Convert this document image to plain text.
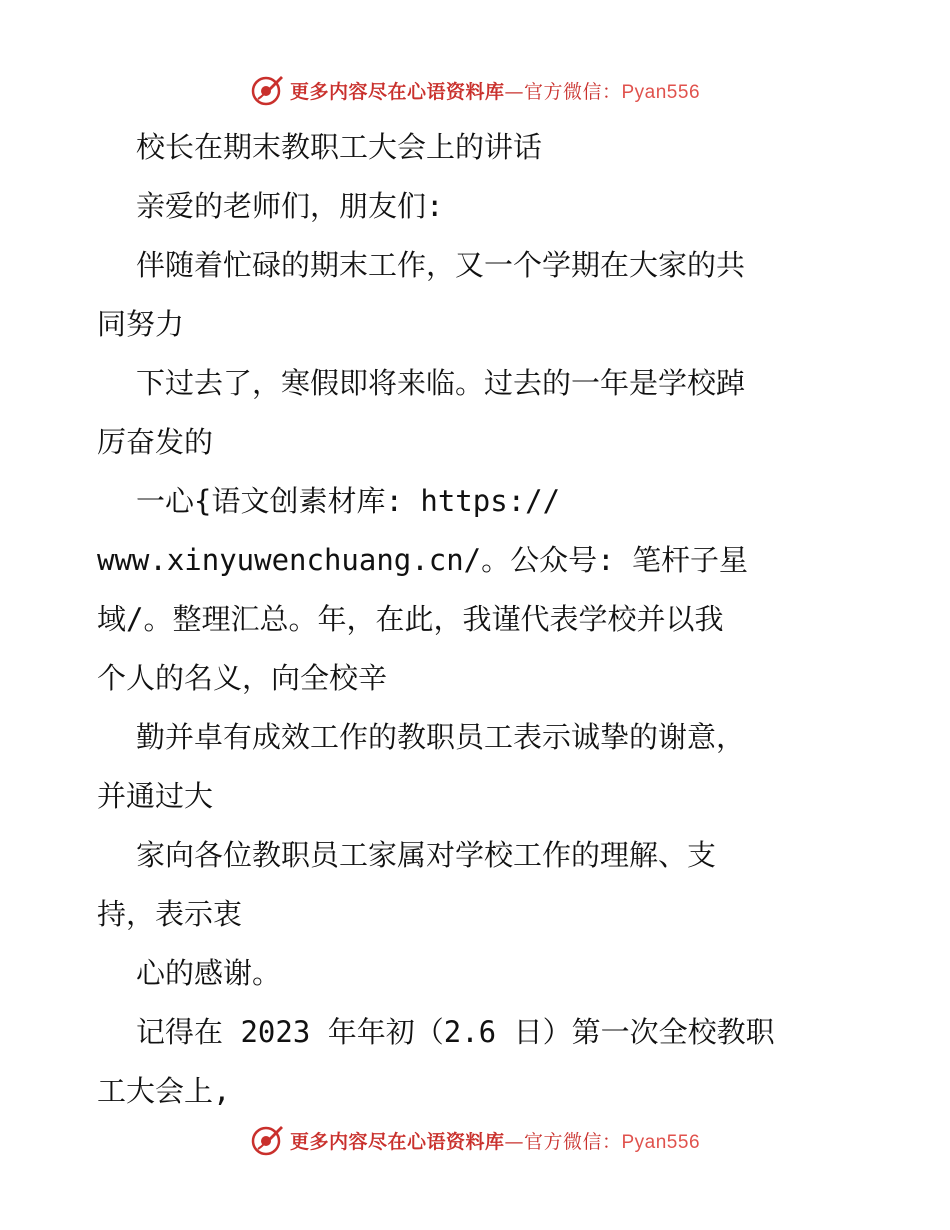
更多内容尽在心语资料库—官方微信：Pyan556
校长在期末教职工大会上的讲话
亲爱的老师们，朋友们:
伴随着忙碌的期末工作，又一个学期在大家的共
同努力
下过去了，寒假即将来临。过去的一年是学校踔
厉奋发的
一心{语文创素材库: https://
www.xinyuwenchuang.cn/。公众号: 笔杆子星
域/。整理汇总。年，在此，我谨代表学校并以我
个人的名义，向全校辛
勤并卓有成效工作的教职员工表示诚挚的谢意，
并通过大
家向各位教职员工家属对学校工作的理解、支
持，表示衷
心的感谢。
记得在 2023 年年初（2.6 日）第一次全校教职
工大会上,
更多内容尽在心语资料库—官方微信：Pyan556
